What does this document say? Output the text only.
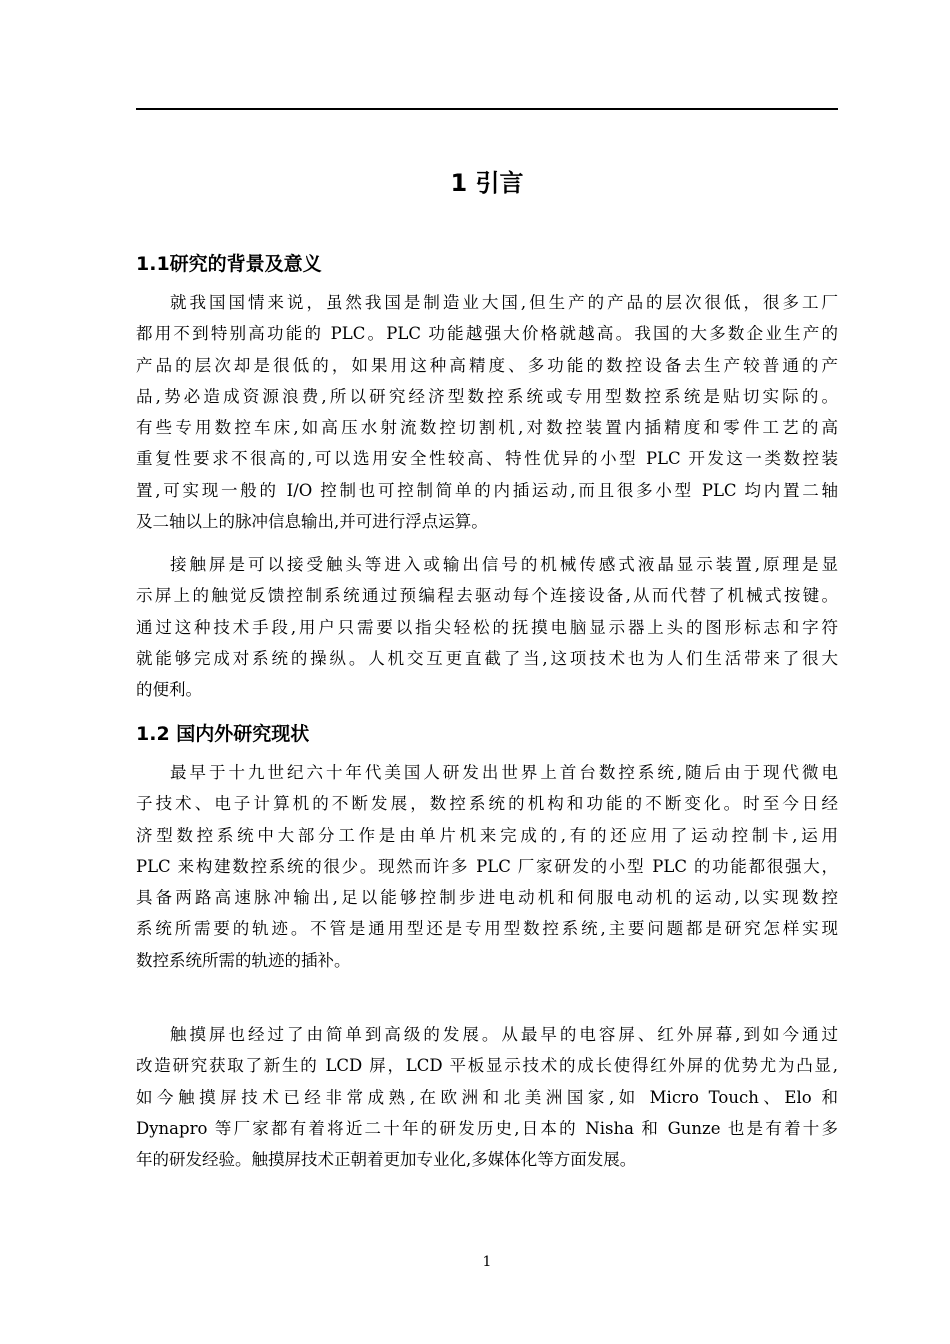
1 引言
1.1研究的背景及意义
就我国国情来说，虽然我国是制造业大国,但生产的产品的层次很低，很多工厂
都用不到特别高功能的 PLC。PLC 功能越强大价格就越高。我国的大多数企业生产的
产品的层次却是很低的，如果用这种高精度、多功能的数控设备去生产较普通的产
品,势必造成资源浪费,所以研究经济型数控系统或专用型数控系统是贴切实际的。
有些专用数控车床,如高压水射流数控切割机,对数控装置内插精度和零件工艺的高
重复性要求不很高的,可以选用安全性较高、特性优异的小型 PLC 开发这一类数控装
置,可实现一般的 I/O 控制也可控制简单的内插运动,而且很多小型 PLC 均内置二轴
及二轴以上的脉冲信息输出,并可进行浮点运算。
接触屏是可以接受触头等进入或输出信号的机械传感式液晶显示装置,原理是显
示屏上的触觉反馈控制系统通过预编程去驱动每个连接设备,从而代替了机械式按键。
通过这种技术手段,用户只需要以指尖轻松的抚摸电脑显示器上头的图形标志和字符
就能够完成对系统的操纵。人机交互更直截了当,这项技术也为人们生活带来了很大
的便利。
1.2 国内外研究现状
最早于十九世纪六十年代美国人研发出世界上首台数控系统,随后由于现代微电
子技术、电子计算机的不断发展，数控系统的机构和功能的不断变化。时至今日经
济型数控系统中大部分工作是由单片机来完成的,有的还应用了运动控制卡,运用
PLC 来构建数控系统的很少。现然而许多 PLC 厂家研发的小型 PLC 的功能都很强大，
具备两路高速脉冲输出,足以能够控制步进电动机和伺服电动机的运动,以实现数控
系统所需要的轨迹。不管是通用型还是专用型数控系统,主要问题都是研究怎样实现
数控系统所需的轨迹的插补。
触摸屏也经过了由简单到高级的发展。从最早的电容屏、红外屏幕,到如今通过
改造研究获取了新生的 LCD 屏，LCD 平板显示技术的成长使得红外屏的优势尤为凸显,
如今触摸屏技术已经非常成熟,在欧洲和北美洲国家,如 Micro Touch、Elo 和
Dynapro 等厂家都有着将近二十年的研发历史,日本的 Nisha 和 Gunze 也是有着十多
年的研发经验。触摸屏技术正朝着更加专业化,多媒体化等方面发展。
1
